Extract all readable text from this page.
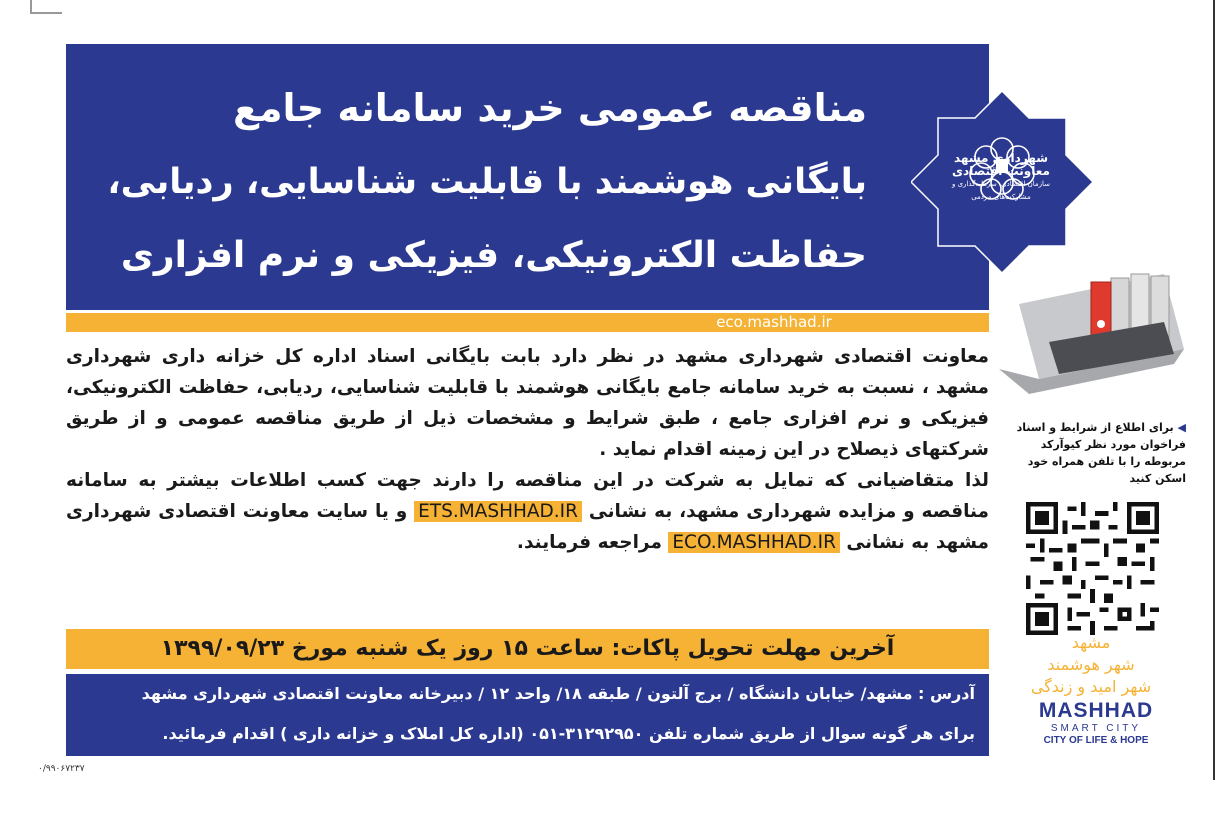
مناقصه عمومی خرید سامانه جامع
بایگانی هوشمند با قابلیت شناسایی، ردیابی،
حفاظت الکترونیکی، فیزیکی و نرم افزاری
شهرداری مشهد
معاونت اقتصادی
سازمان اقتصادی، سرمایه‌گذاری و مشارکت‌های مردمی
eco.mashhad.ir

معاونت اقتصادی شهرداری مشهد در نظر دارد بابت بایگانی اسناد اداره کل خزانه داری شهرداری مشهد ، نسبت به خرید سامانه جامع بایگانی هوشمند با قابلیت شناسایی، ردیابی، حفاظت الکترونیکی، فیزیکی و نرم افزاری جامع ، طبق شرایط و مشخصات ذیل از طریق مناقصه عمومی و از طریق شرکتهای ذیصلاح در این زمینه اقدام نماید .

لذا متقاضیانی که تمایل به شرکت در این مناقصه را دارند جهت کسب اطلاعات بیشتر به سامانه مناقصه و مزایده شهرداری مشهد، به نشانی ETS.MASHHAD.IR و یا سایت معاونت اقتصادی شهرداری مشهد به نشانی ECO.MASHHAD.IR مراجعه فرمایند.

آخرین مهلت تحویل پاکات: ساعت ۱۵ روز یک شنبه مورخ ۱۳۹۹/۰۹/۲۳
آدرس : مشهد/ خیابان دانشگاه / برج آلتون / طبقه ۱۸/ واحد ۱۲ / دبیرخانه معاونت اقتصادی شهرداری مشهد
برای هر گونه سوال از طریق شماره تلفن ۳۱۲۹۲۹۵۰-۰۵۱ (اداره کل املاک و خزانه داری ) اقدام فرمائید.
◀ برای اطلاع از شرایط و اسناد فراخوان مورد نظر کیوآرکد مربوطه را با تلفن همراه خود اسکن کنید
مشهد
شهر هوشمند
شهر امید و زندگی
MASHHAD
SMART CITY
CITY OF LIFE & HOPE
۰/۹۹۰۶۷۲۳۷
